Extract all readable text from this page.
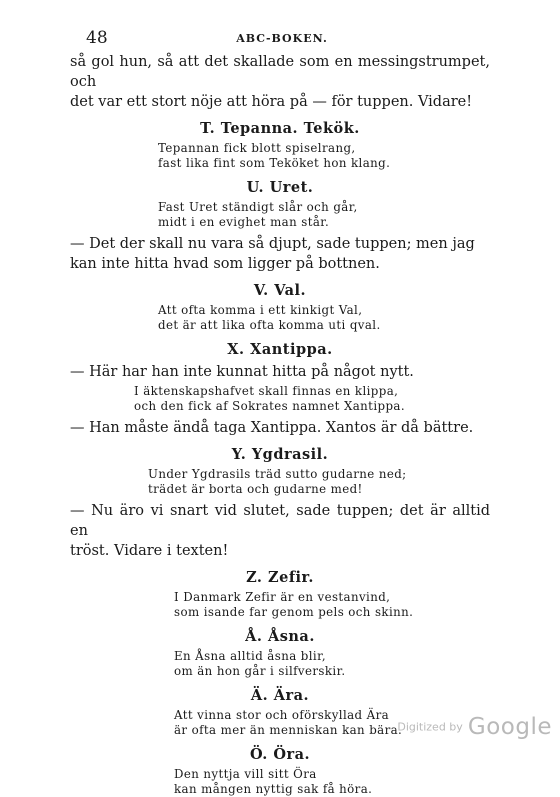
48	ABC-BOKEN.

så gol hun, så att det skallade som en messingstrumpet, och
det var ett stort nöje att höra på — för tuppen. Vidare!

T. Tepanna. Tekök.
Tepannan fick blott spiselrang,
fast lika fint som Teköket hon klang.
U. Uret.
Fast Uret ständigt slår och går,
midt i en evighet man står.

— Det der skall nu vara så djupt, sade tuppen; men jag
kan inte hitta hvad som ligger på bottnen.

V. Val.
Att ofta komma i ett kinkigt Val,
det är att lika ofta komma uti qval.
X. Xantippa.

— Här har han inte kunnat hitta på något nytt.

I äktenskapshafvet skall finnas en klippa,
och den fick af Sokrates namnet Xantippa.

— Han måste ändå taga Xantippa. Xantos är då bättre.

Y. Ygdrasil.
Under Ygdrasils träd sutto gudarne ned;
trädet är borta och gudarne med!

— Nu äro vi snart vid slutet, sade tuppen; det är alltid en
tröst. Vidare i texten!

Z. Zefir.
I Danmark Zefir är en vestanvind,
som isande far genom pels och skinn.
Å. Åsna.
En Åsna alltid åsna blir,
om än hon går i silfverskir.
Ä. Ära.
Att vinna stor och oförskyllad Ära
är ofta mer än menniskan kan bära.
Ö. Öra.
Den nyttja vill sitt Öra
kan mången nyttig sak få höra.
Digitized by Google
